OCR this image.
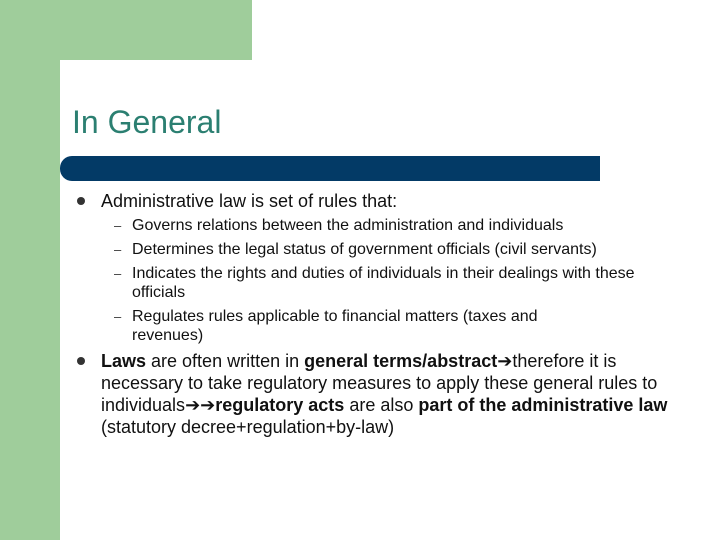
In General
Administrative law is set of rules that:
– Governs relations between the administration and individuals
– Determines the legal status of government officials (civil servants)
– Indicates the rights and duties of individuals in their dealings with these officials
– Regulates rules applicable to financial matters (taxes and revenues)
Laws are often written in general terms/abstract➔therefore it is necessary to take regulatory measures to apply these general rules to individuals➔➔regulatory acts are also part of the administrative law (statutory decree+regulation+by-law)
